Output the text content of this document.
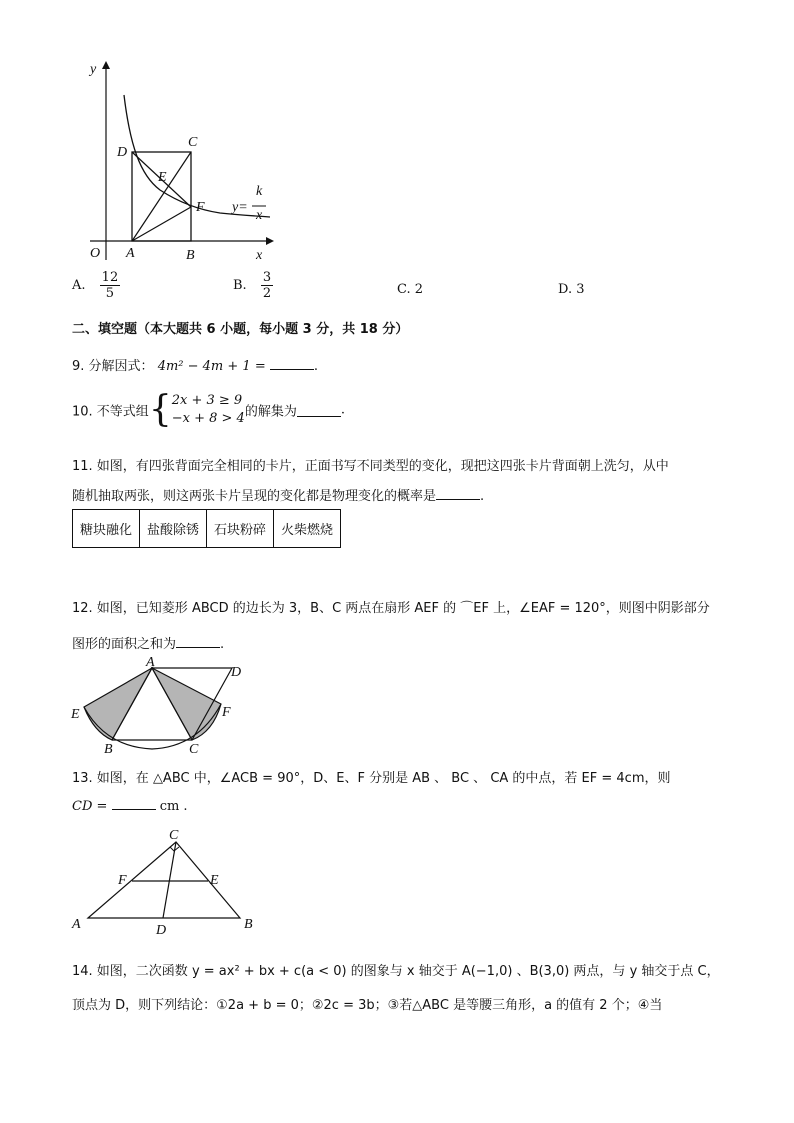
y
x
O A	B
C
D
E
F y=
k
x
A. $\frac{12}{5}$	B. $\frac{3}{2}$	C. 2	D. 3
二、填空题（本大题共 6 小题，每小题 3 分，共 18 分）
9. 分解因式： 4m² − 4m + 1 =	.
10. 不等式组{2x + 3 ≥ 9
−x + 8 > 4的解集为	.
11. 如图，有四张背面完全相同的卡片，正面书写不同类型的变化，现把这四张卡片背面朝上洗匀，从中
随机抽取两张，则这两张卡片呈现的变化都是物理变化的概率是	.
糖块融化	盐酸除锈	石块粉碎	火柴燃烧
12. 如图，已知菱形 ABCD 的边长为 3，B、C 两点在扇形 AEF 的 ⌒EF 上，∠EAF = 120°，则图中阴影部分
图形的面积之和为	.
A
D
E	F
B	C
13. 如图，在 △ABC 中，∠ACB = 90°，D、E、F 分别是 AB 、 BC 、 CA 的中点，若 EF = 4cm，则
CD =	cm .
C
F	E
A	D	B
14. 如图，二次函数 y = ax² + bx + c(a < 0) 的图象与 x 轴交于 A(−1,0) 、B(3,0) 两点，与 y 轴交于点 C，
顶点为 D，则下列结论：①2a + b = 0；②2c = 3b；③若△ABC 是等腰三角形，a 的值有 2 个；④当
